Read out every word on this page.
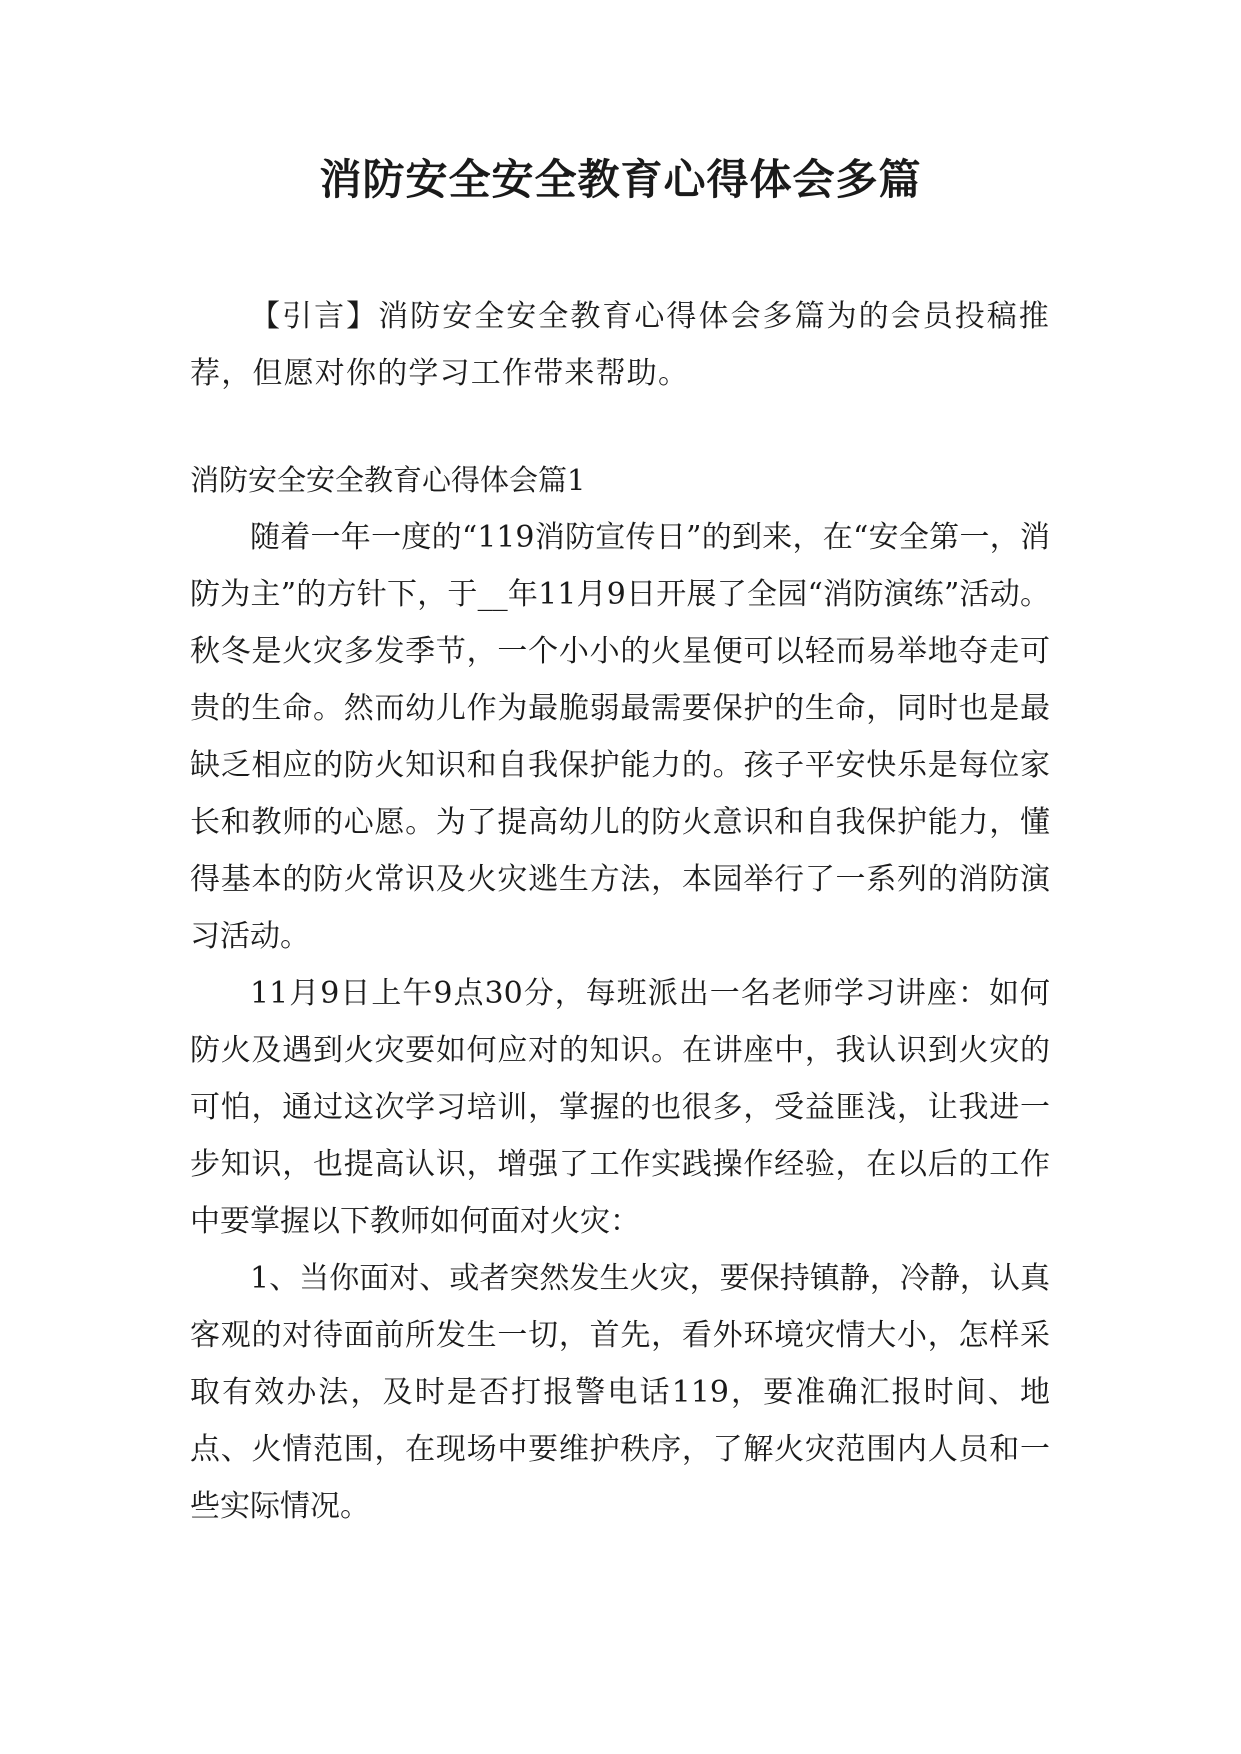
消防安全安全教育心得体会多篇

【引言】消防安全安全教育心得体会多篇为的会员投稿推荐，但愿对你的学习工作带来帮助。

消防安全安全教育心得体会篇1

随着一年一度的“119消防宣传日”的到来，在“安全第一，消防为主”的方针下，于__年11月9日开展了全园“消防演练”活动。秋冬是火灾多发季节，一个小小的火星便可以轻而易举地夺走可贵的生命。然而幼儿作为最脆弱最需要保护的生命，同时也是最缺乏相应的防火知识和自我保护能力的。孩子平安快乐是每位家长和教师的心愿。为了提高幼儿的防火意识和自我保护能力，懂得基本的防火常识及火灾逃生方法，本园举行了一系列的消防演习活动。

11月9日上午9点30分，每班派出一名老师学习讲座：如何防火及遇到火灾要如何应对的知识。在讲座中，我认识到火灾的可怕，通过这次学习培训，掌握的也很多，受益匪浅，让我进一步知识，也提高认识，增强了工作实践操作经验，在以后的工作中要掌握以下教师如何面对火灾：

1、当你面对、或者突然发生火灾，要保持镇静，冷静，认真客观的对待面前所发生一切，首先，看外环境灾情大小，怎样采取有效办法，及时是否打报警电话119，要准确汇报时间、地点、火情范围，在现场中要维护秩序，了解火灾范围内人员和一些实际情况。
